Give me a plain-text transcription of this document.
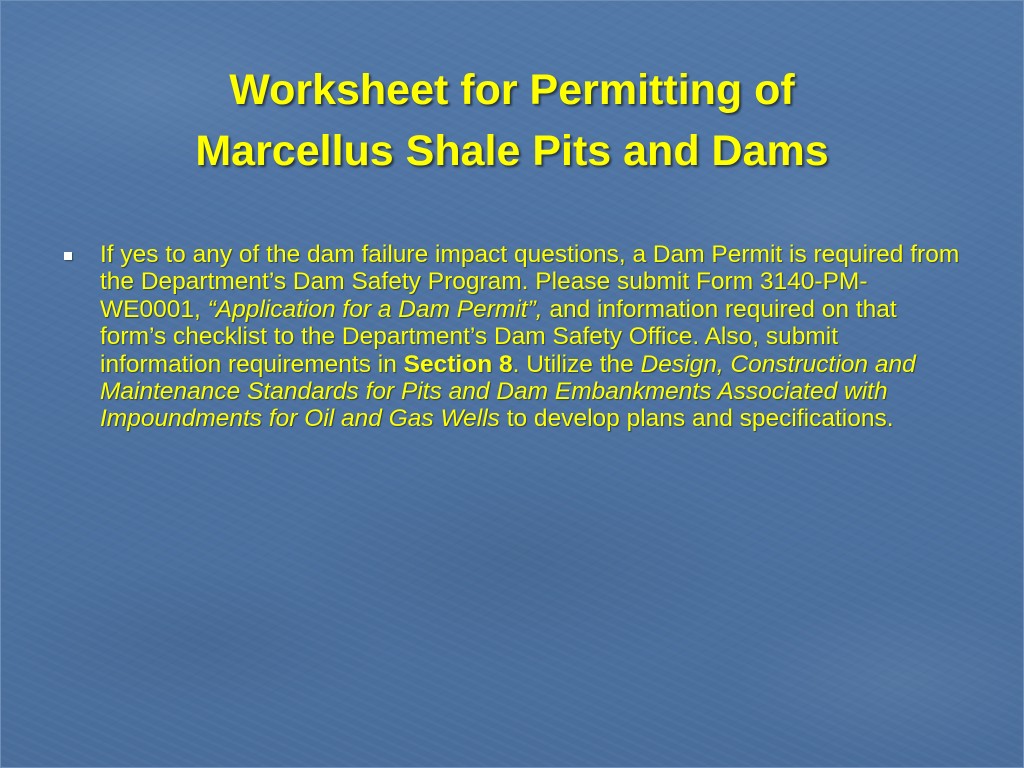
Worksheet for Permitting of
Marcellus Shale Pits and Dams
If yes to any of the dam failure impact questions, a Dam Permit is required from the Department’s Dam Safety Program. Please submit Form 3140-PM-WE0001, “Application for a Dam Permit”, and information required on that form’s checklist to the Department’s Dam Safety Office. Also, submit information requirements in Section 8. Utilize the Design, Construction and Maintenance Standards for Pits and Dam Embankments Associated with Impoundments for Oil and Gas Wells to develop plans and specifications.
